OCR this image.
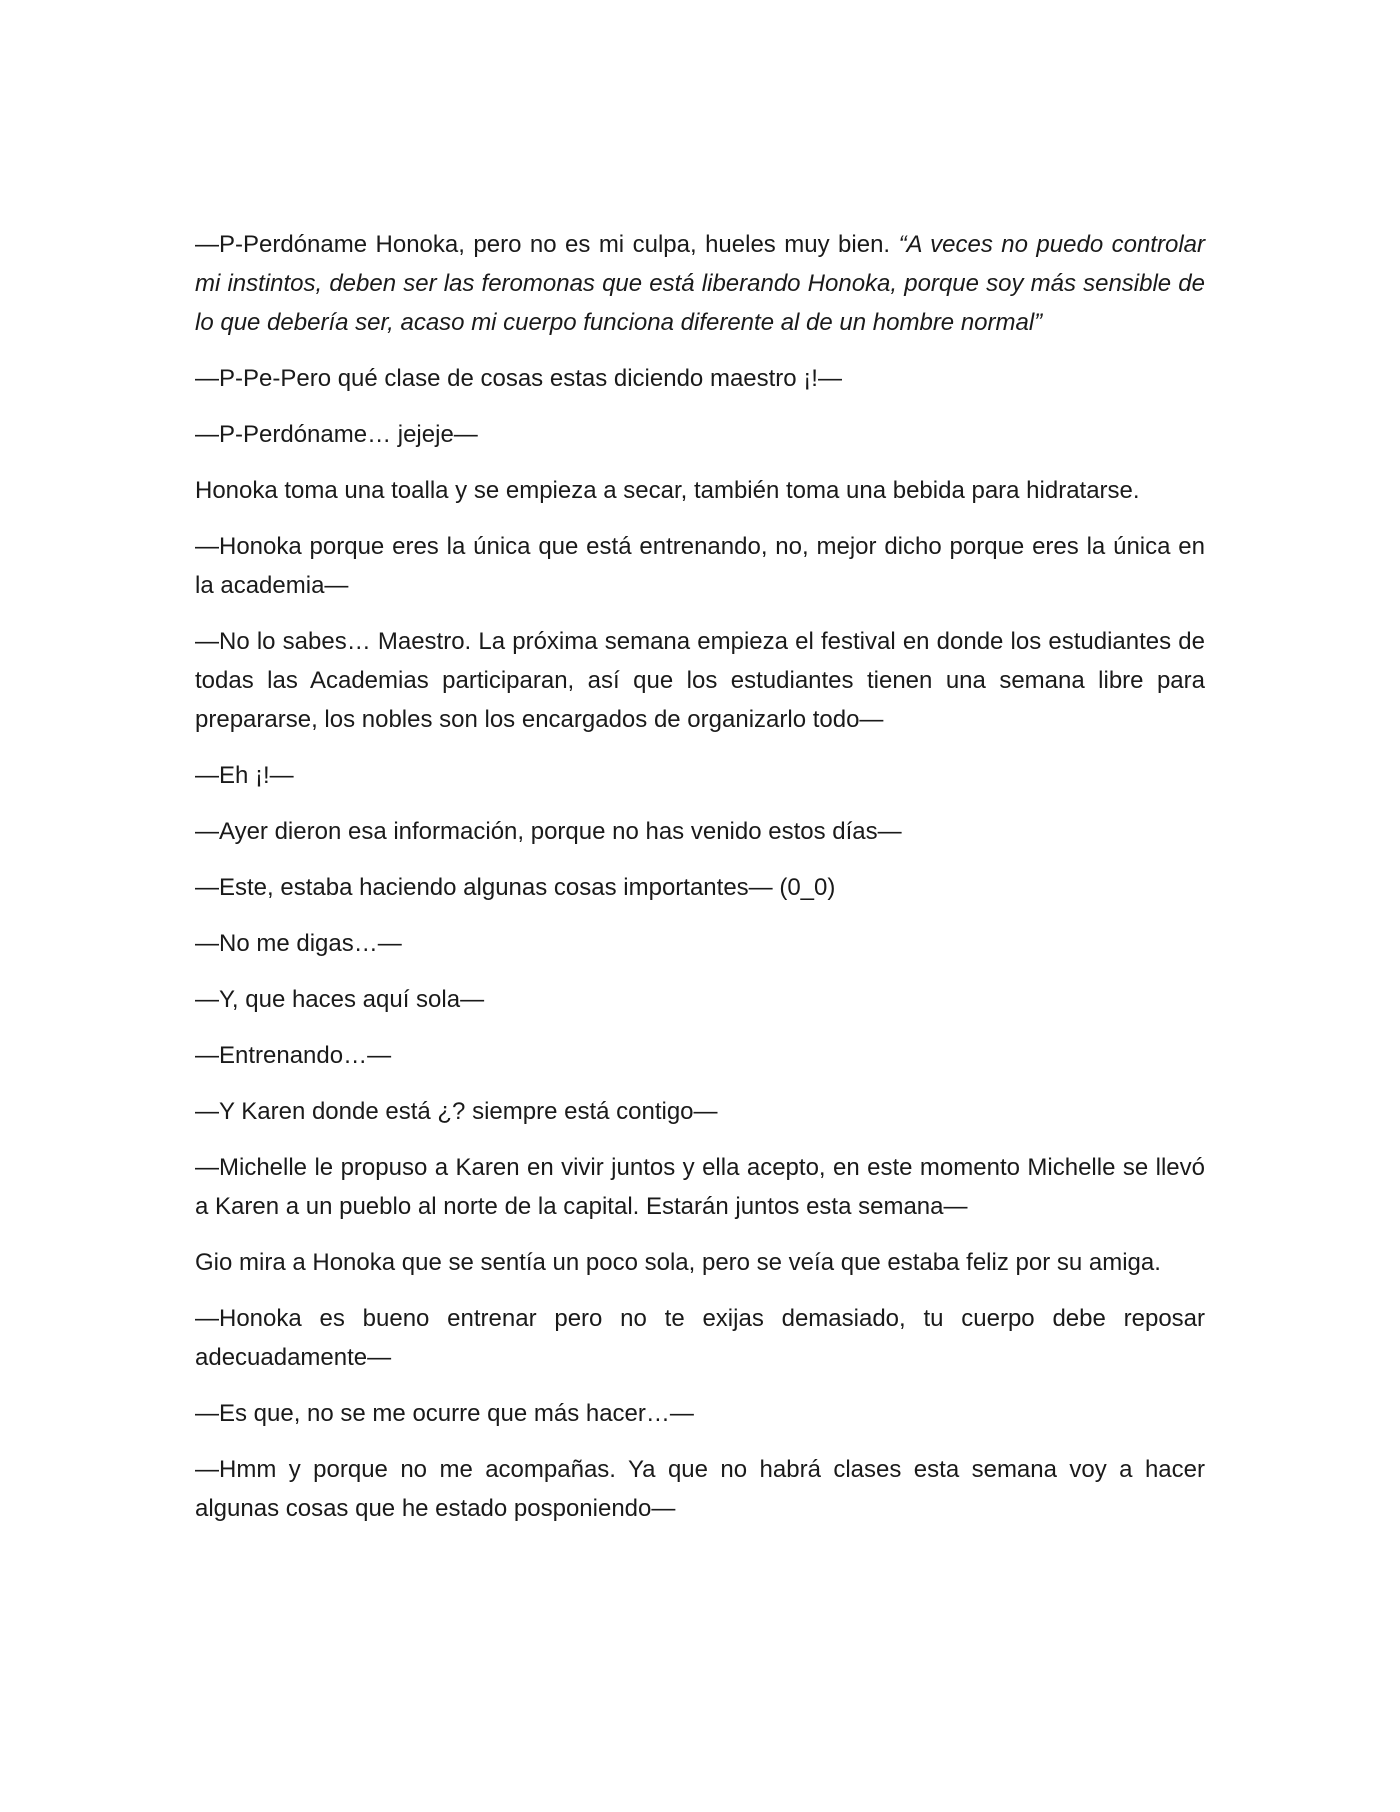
—P-Perdóname Honoka, pero no es mi culpa, hueles muy bien. “A veces no puedo controlar mi instintos, deben ser las feromonas que está liberando Honoka, porque soy más sensible de lo que debería ser, acaso mi cuerpo funciona diferente al de un hombre normal”

—P-Pe-Pero qué clase de cosas estas diciendo maestro ¡!—

—P-Perdóname… jejeje—

Honoka toma una toalla y se empieza a secar, también toma una bebida para hidratarse.

—Honoka porque eres la única que está entrenando, no, mejor dicho porque eres la única en la academia—

—No lo sabes… Maestro. La próxima semana empieza el festival en donde los estudiantes de todas las Academias participaran, así que los estudiantes tienen una semana libre para prepararse, los nobles son los encargados de organizarlo todo—

—Eh ¡!—

—Ayer dieron esa información, porque no has venido estos días—

—Este, estaba haciendo algunas cosas importantes— (0_0)

—No me digas…—

—Y, que haces aquí sola—

—Entrenando…—

—Y Karen donde está ¿? siempre está contigo—

—Michelle le propuso a Karen en vivir juntos y ella acepto, en este momento Michelle se llevó a Karen a un pueblo al norte de la capital. Estarán juntos esta semana—

Gio mira a Honoka que se sentía un poco sola, pero se veía que estaba feliz por su amiga.

—Honoka es bueno entrenar pero no te exijas demasiado, tu cuerpo debe reposar adecuadamente—

—Es que, no se me ocurre que más hacer…—

—Hmm y porque no me acompañas. Ya que no habrá clases esta semana voy a hacer algunas cosas que he estado posponiendo—
